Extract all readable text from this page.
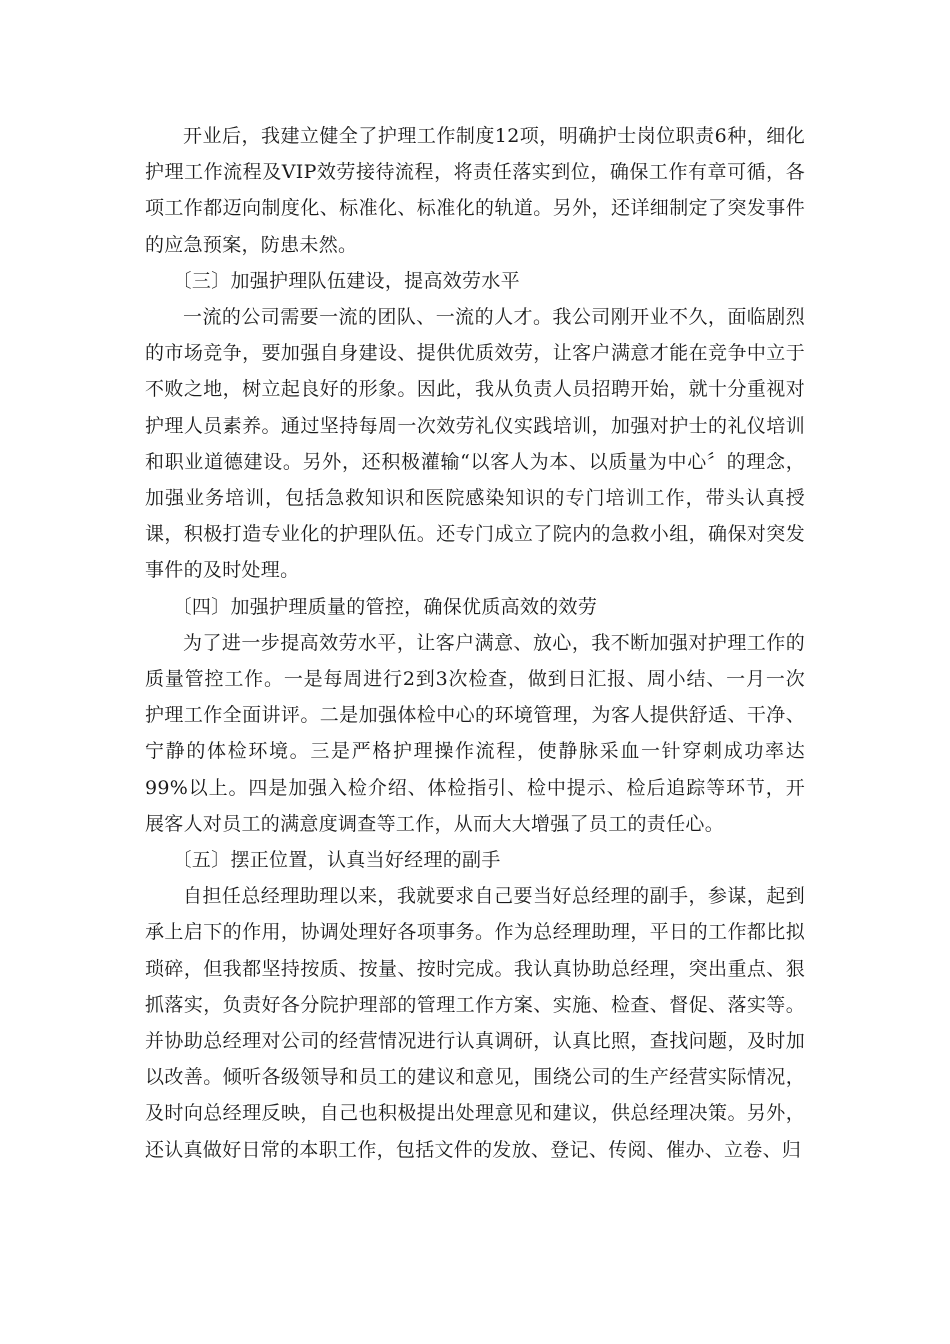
开业后，我建立健全了护理工作制度12项，明确护士岗位职责6种，细化护理工作流程及VIP效劳接待流程，将责任落实到位，确保工作有章可循，各项工作都迈向制度化、标准化、标准化的轨道。另外，还详细制定了突发事件的应急预案，防患未然。

〔三〕加强护理队伍建设，提高效劳水平

一流的公司需要一流的团队、一流的人才。我公司刚开业不久，面临剧烈的市场竞争，要加强自身建设、提供优质效劳，让客户满意才能在竞争中立于不败之地，树立起良好的形象。因此，我从负责人员招聘开始，就十分重视对护理人员素养。通过坚持每周一次效劳礼仪实践培训，加强对护士的礼仪培训和职业道德建设。另外，还积极灌输“以客人为本、以质量为中心〞的理念，加强业务培训，包括急救知识和医院感染知识的专门培训工作，带头认真授课，积极打造专业化的护理队伍。还专门成立了院内的急救小组，确保对突发事件的及时处理。

〔四〕加强护理质量的管控，确保优质高效的效劳

为了进一步提高效劳水平，让客户满意、放心，我不断加强对护理工作的质量管控工作。一是每周进行2到3次检查，做到日汇报、周小结、一月一次护理工作全面讲评。二是加强体检中心的环境管理，为客人提供舒适、干净、宁静的体检环境。三是严格护理操作流程，使静脉采血一针穿刺成功率达99%以上。四是加强入检介绍、体检指引、检中提示、检后追踪等环节，开展客人对员工的满意度调查等工作，从而大大增强了员工的责任心。

〔五〕摆正位置，认真当好经理的副手

自担任总经理助理以来，我就要求自己要当好总经理的副手，参谋，起到承上启下的作用，协调处理好各项事务。作为总经理助理，平日的工作都比拟琐碎，但我都坚持按质、按量、按时完成。我认真协助总经理，突出重点、狠抓落实，负责好各分院护理部的管理工作方案、实施、检查、督促、落实等。并协助总经理对公司的经营情况进行认真调研，认真比照，查找问题，及时加以改善。倾听各级领导和员工的建议和意见，围绕公司的生产经营实际情况，及时向总经理反映，自己也积极提出处理意见和建议，供总经理决策。另外，还认真做好日常的本职工作，包括文件的发放、登记、传阅、催办、立卷、归
